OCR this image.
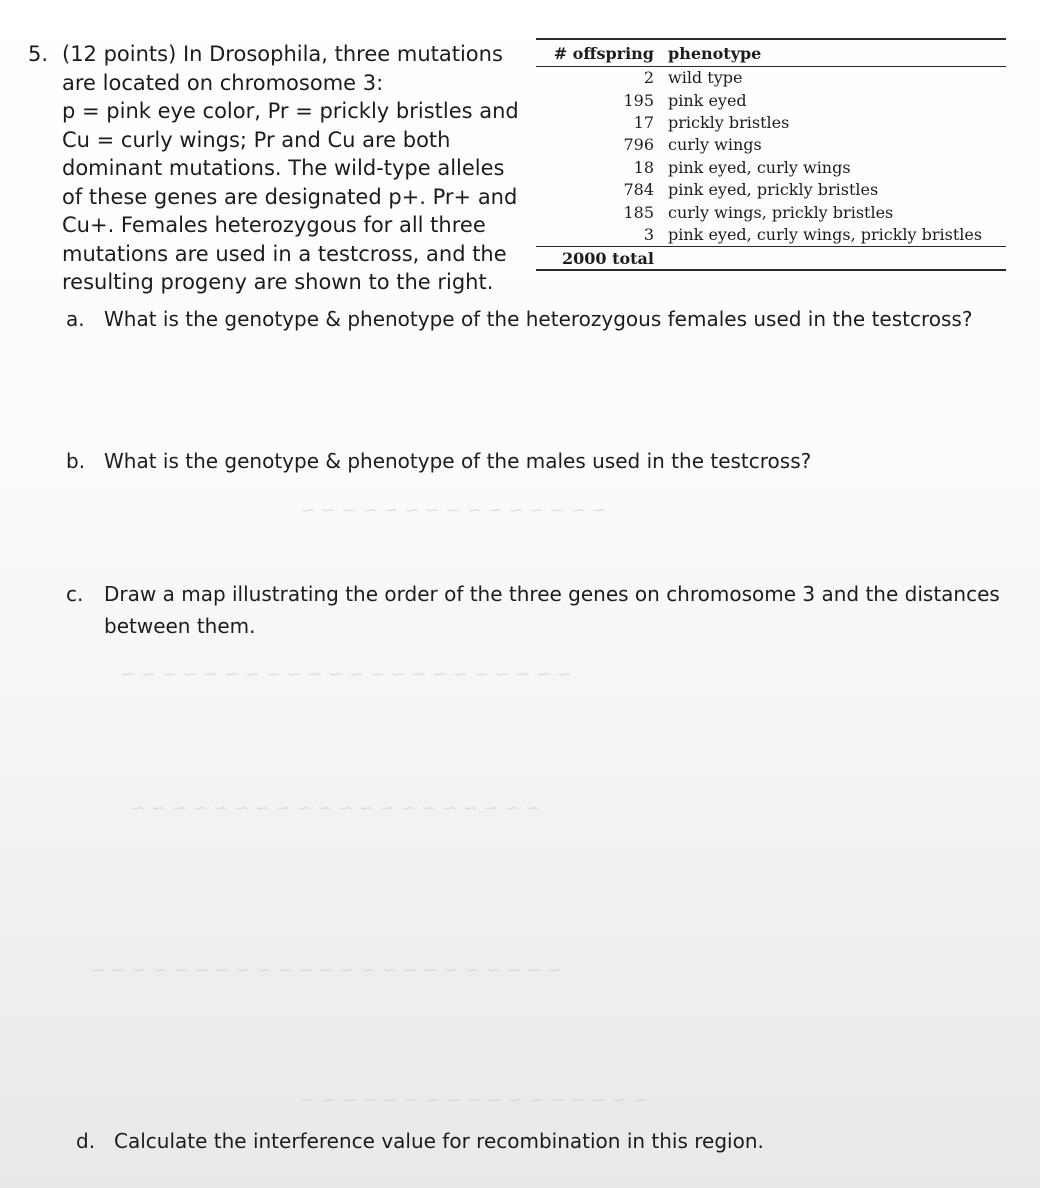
5. (12 points) In Drosophila, three mutations
are located on chromosome 3:
p = pink eye color, Pr = prickly bristles and
Cu = curly wings; Pr and Cu are both
dominant mutations. The wild-type alleles
of these genes are designated p+. Pr+ and
Cu+. Females heterozygous for all three
mutations are used in a testcross, and the
resulting progeny are shown to the right.
# offspring phenotype
2 wild type
195 pink eyed
17 prickly bristles
796 curly wings
18 pink eyed, curly wings
784 pink eyed, prickly bristles
185 curly wings, prickly bristles
3 pink eyed, curly wings, prickly bristles
2000 total
a. What is the genotype & phenotype of the heterozygous females used in the testcross?
b. What is the genotype & phenotype of the males used in the testcross?
~ ~ ~ ~ ~ ~ ~ ~ ~ ~ ~ ~ ~ ~ ~
~ ~ ~ ~ ~ ~ ~ ~ ~ ~ ~ ~ ~ ~ ~ ~ ~ ~ ~ ~ ~ ~
~ ~ ~ ~ ~ ~ ~ ~ ~ ~ ~ ~ ~ ~ ~ ~ ~ ~ ~ ~
~ ~ ~ ~ ~ ~ ~ ~ ~ ~ ~ ~ ~ ~ ~ ~ ~ ~ ~ ~ ~ ~ ~
~ ~ ~ ~ ~ ~ ~ ~ ~ ~ ~ ~ ~ ~ ~ ~ ~
c. Draw a map illustrating the order of the three genes on chromosome 3 and the distances
between them.
d. Calculate the interference value for recombination in this region.
